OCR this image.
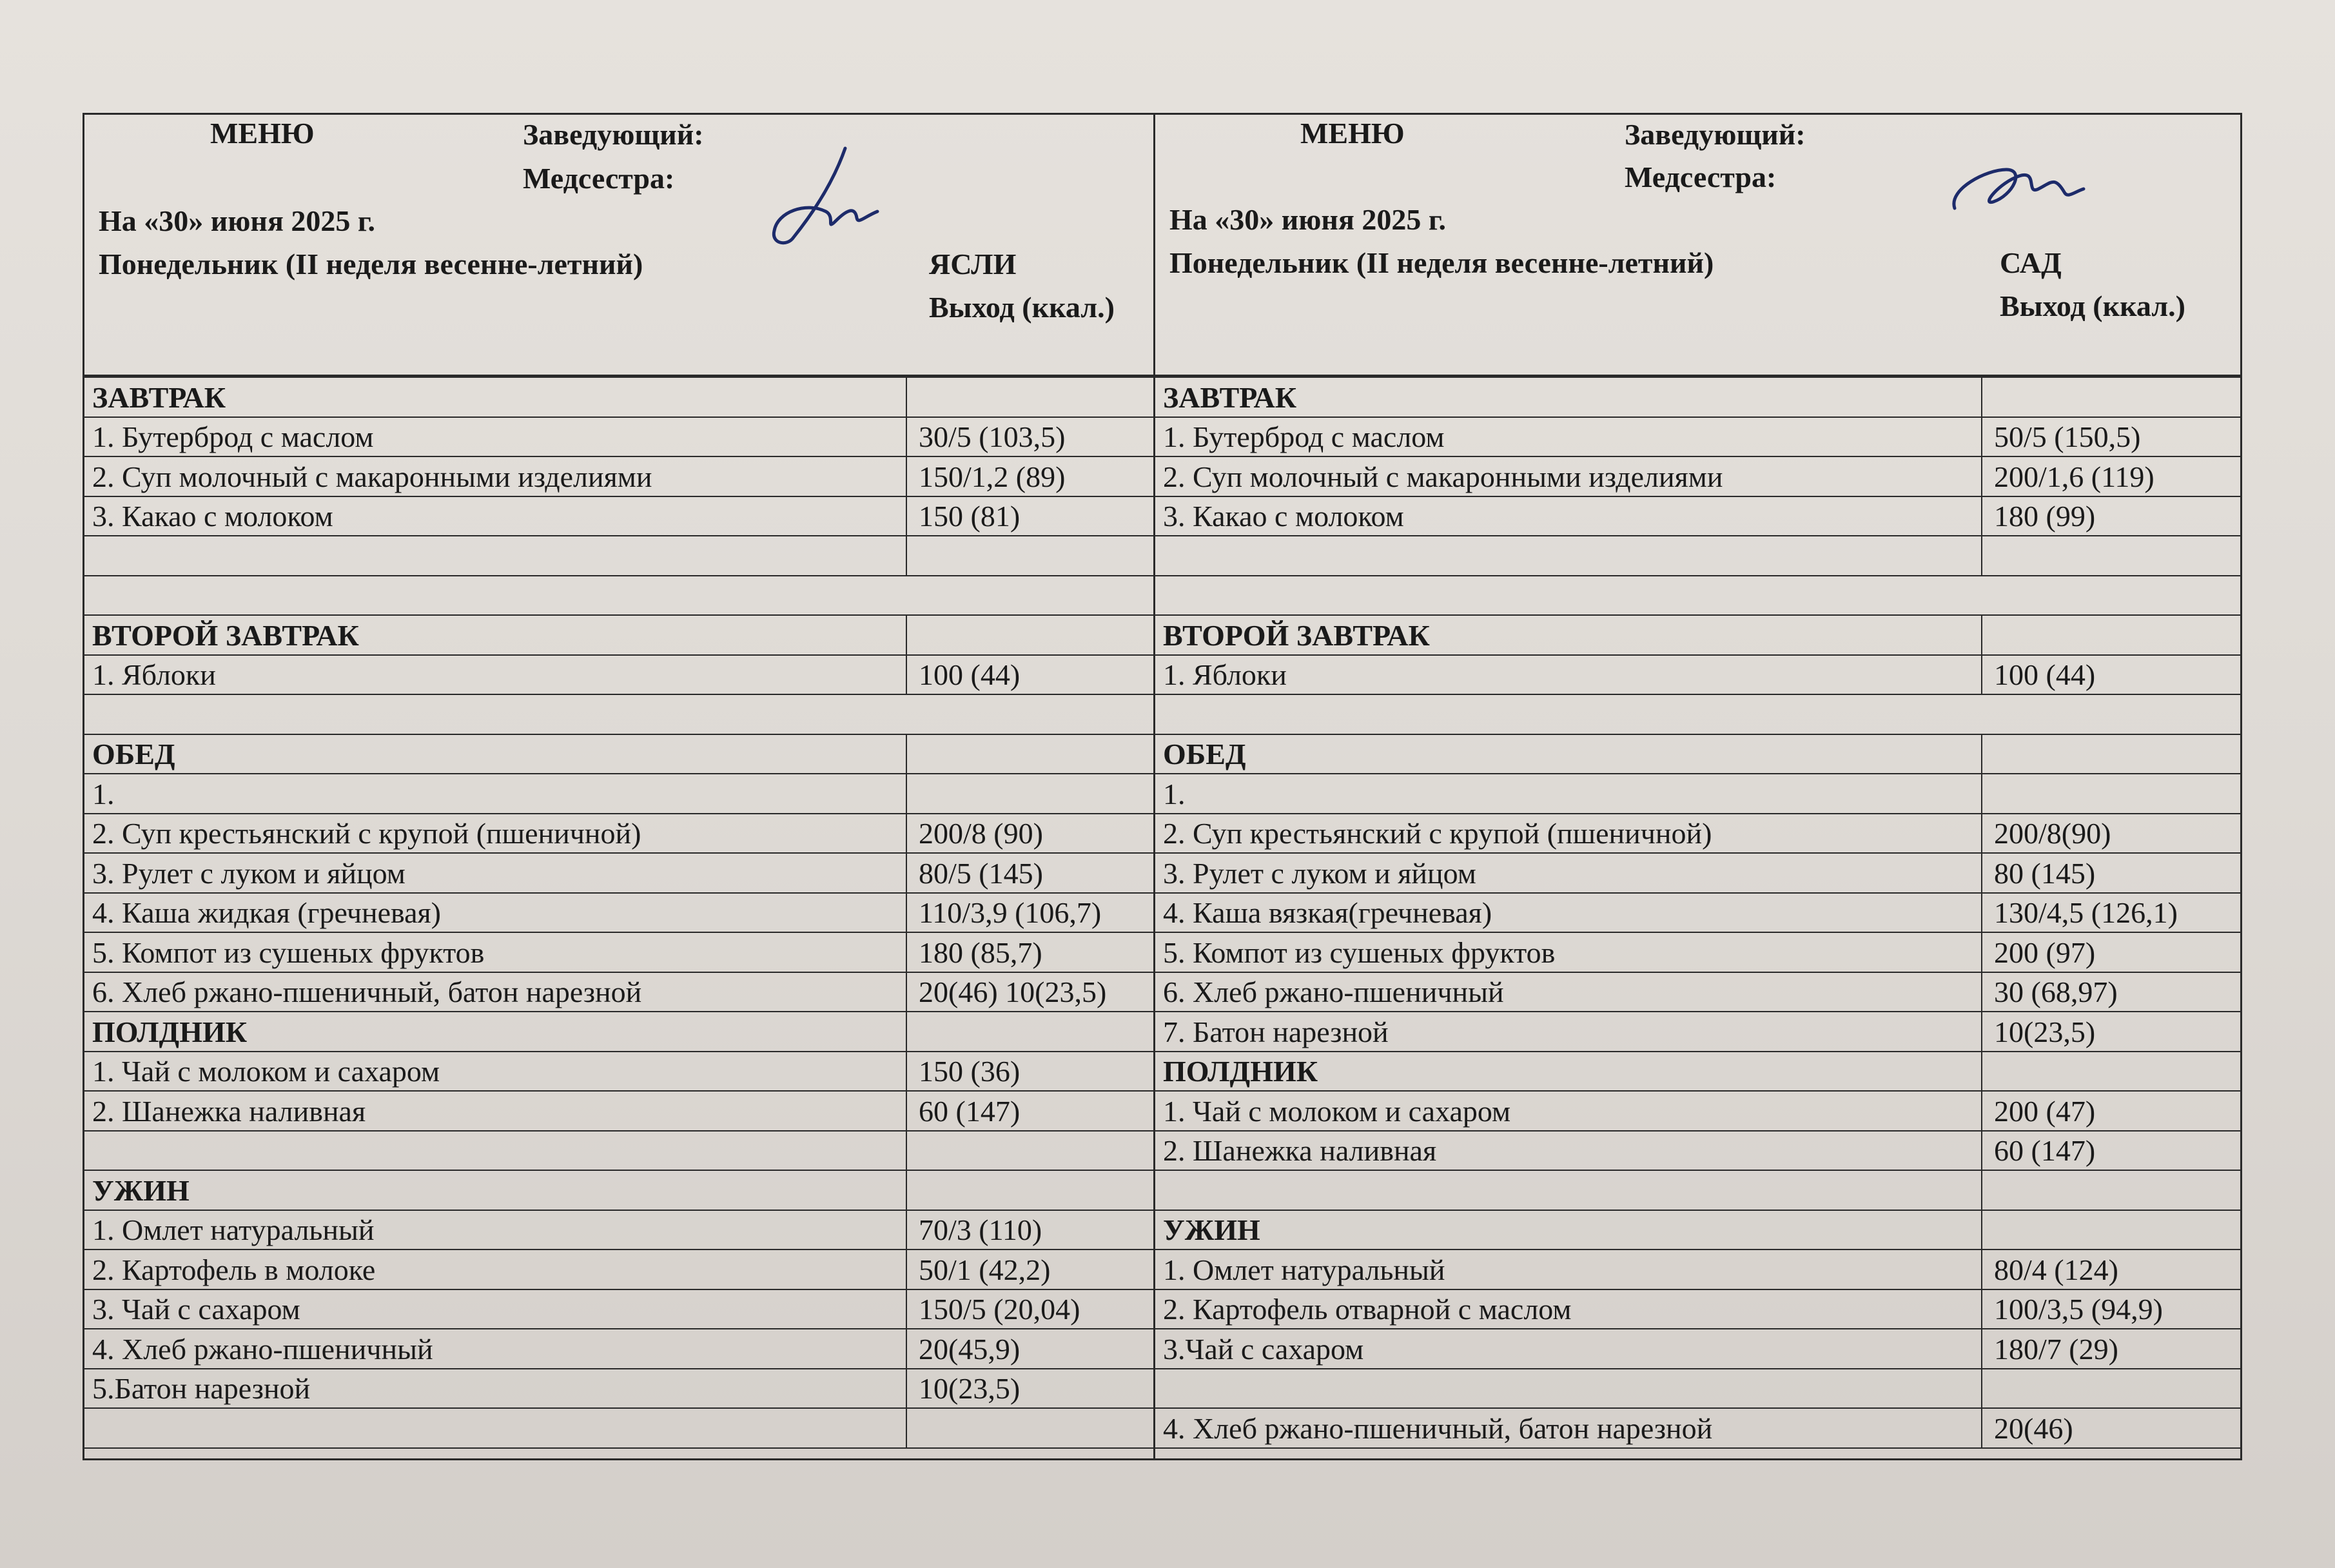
МЕНЮ	Заведующий:
Медсестра:
На «30» июня 2025 г.
Понедельник (II неделя весенне-летний)	ЯСЛИ
Выход (ккал.)
ЗАВТРАК	
1. Бутерброд с маслом	30/5 (103,5)
2. Суп молочный с макаронными изделиями	150/1,2 (89)
3. Какао с молоком	150 (81)

ВТОРОЙ ЗАВТРАК	
1. Яблоки	100 (44)

ОБЕД	
1.	
2. Суп крестьянский с крупой (пшеничной)	200/8 (90)
3. Рулет с луком и яйцом	80/5 (145)
4. Каша жидкая (гречневая)	110/3,9 (106,7)
5. Компот из сушеных фруктов	180 (85,7)
6. Хлеб ржано-пшеничный, батон нарезной	20(46) 10(23,5)
ПОЛДНИК	
1. Чай с молоком и сахаром	150 (36)
2. Шанежка наливная	60 (147)

УЖИН	
1. Омлет натуральный	70/3 (110)
2. Картофель в молоке	50/1 (42,2)
3. Чай с сахаром	150/5 (20,04)
4. Хлеб ржано-пшеничный	20(45,9)
5.Батон нарезной	10(23,5)

МЕНЮ	Заведующий:
Медсестра:
На «30» июня 2025 г.
Понедельник (II неделя весенне-летний)	САД
Выход (ккал.)
ЗАВТРАК	
1. Бутерброд с маслом	50/5 (150,5)
2. Суп молочный с макаронными изделиями	200/1,6 (119)
3. Какао с молоком	180 (99)

ВТОРОЙ ЗАВТРАК	
1. Яблоки	100 (44)

ОБЕД	
1.	
2. Суп крестьянский с крупой (пшеничной)	200/8(90)
3. Рулет с луком и яйцом	80 (145)
4. Каша вязкая(гречневая)	130/4,5 (126,1)
5. Компот из сушеных фруктов	200 (97)
6. Хлеб ржано-пшеничный	30 (68,97)
7. Батон нарезной	10(23,5)
ПОЛДНИК	
1. Чай с молоком и сахаром	200 (47)
2. Шанежка наливная	60 (147)

УЖИН	
1. Омлет натуральный	80/4 (124)
2. Картофель отварной с маслом	100/3,5 (94,9)
3.Чай с сахаром	180/7 (29)

4. Хлеб ржано-пшеничный, батон нарезной	20(46)
